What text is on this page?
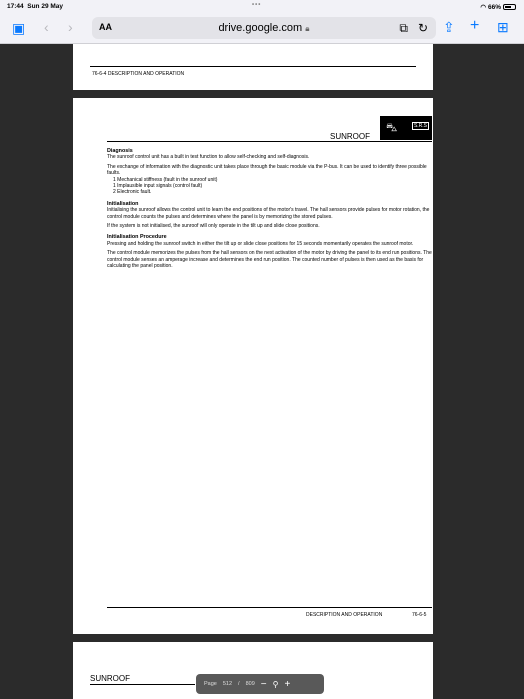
17:44 Sun 29 May	•••	◠ 66%
▣ ‹ ›	AA	drive.google.com 🔒︎	⧉ ↻ ⇪ + ⊞
76-6-4 DESCRIPTION AND OPERATION
SUNROOF
⛍	S.R.S
Diagnosis

The sunroof control unit has a built in test function to allow self-checking and self-diagnosis.

The exchange of information with the diagnostic unit takes place through the basic module via the P-bus. It can be used to identify three possible faults.

1 Mechanical stiffness (fault in the sunroof unit)
1 Implausible input signals (control fault)
2 Electronic fault.
Initialisation

Initialising the sunroof allows the control unit to learn the end positions of the motor's travel. The hall sensors provide pulses for motor rotation, the control module counts the pulses and determines where the panel is by memorizing the stored pulses.

If the system is not initialised, the sunroof will only operate in the tilt up and slide close positions.

Initialisation Procedure

Pressing and holding the sunroof switch in either the tilt up or slide close positions for 15 seconds momentarily operates the sunroof motor.

The control module memorizes the pulses from the hall sensors on the next activation of the motor by driving the panel to its end run positions. The control module senses an amperage increase and determines the end run position. The counted number of pulses is then used as the basis for calculating the panel position.

DESCRIPTION AND OPERATION	76-6-5
SUNROOF
Page 512 / 809 − ⚲ +
